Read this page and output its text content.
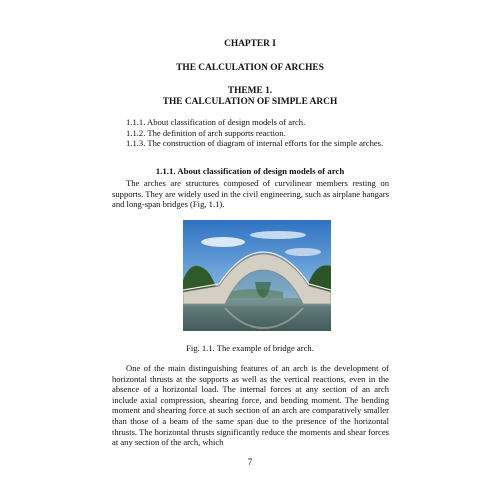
CHAPTER I
THE CALCULATION OF ARCHES
THEME 1.
THE CALCULATION OF SIMPLE ARCH
1.1.1. About classification of design models of arch.
1.1.2. The definition of arch supports reaction.
1.1.3. The construction of diagram of internal efforts for the simple arches.
1.1.1. About classification of design models of arch
The arches are structures composed of curvilinear members resting on supports. They are widely used in the civil engineering, such as airplane hangars and long-span bridges (Fig, 1.1).
Fig. 1.1. The example of bridge arch.
One of the main distinguishing features of an arch is the development of horizontal thrusts at the supports as well as the vertical reactions, even in the absence of a horizontal load. The internal forces at any section of an arch include axial compression, shearing force, and bending moment. The bending moment and shearing force at such section of an arch are comparatively smaller than those of a beam of the same span due to the presence of the horizontal thrusts. The horizontal thrusts significantly reduce the moments and shear forces at any section of the arch, which
7
